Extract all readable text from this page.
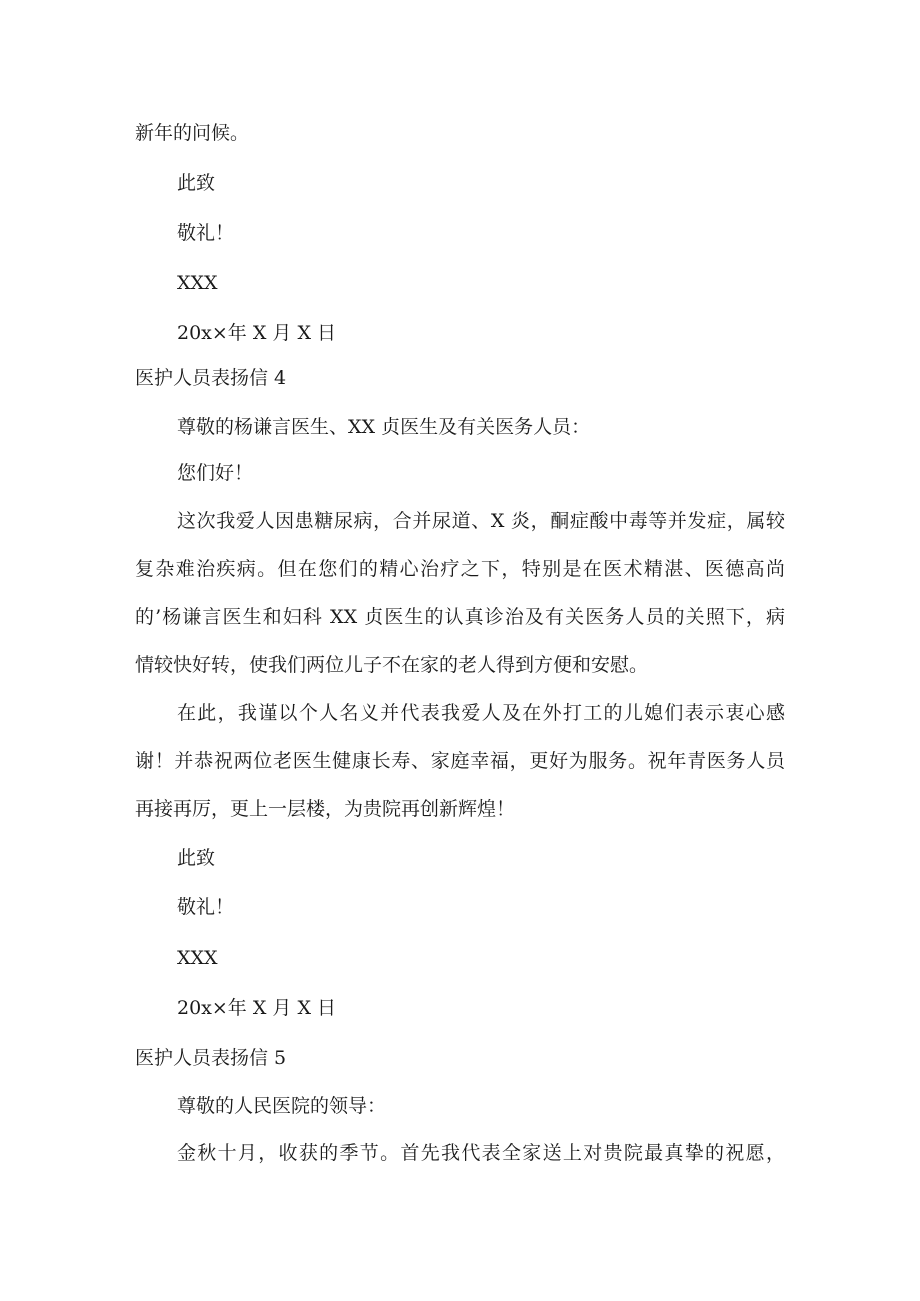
新年的问候。
此致
敬礼！
XXX
20x×年 X 月 X 日
医护人员表扬信 4
尊敬的杨谦言医生、XX 贞医生及有关医务人员：
您们好！
这次我爱人因患糖尿病，合并尿道、X 炎，酮症酸中毒等并发症，属较
复杂难治疾病。但在您们的精心治疗之下，特别是在医术精湛、医德高尚
的’杨谦言医生和妇科 XX 贞医生的认真诊治及有关医务人员的关照下，病
情较快好转，使我们两位儿子不在家的老人得到方便和安慰。
在此，我谨以个人名义并代表我爱人及在外打工的儿媳们表示衷心感
谢！并恭祝两位老医生健康长寿、家庭幸福，更好为服务。祝年青医务人员
再接再厉，更上一层楼，为贵院再创新辉煌！
此致
敬礼！
XXX
20x×年 X 月 X 日
医护人员表扬信 5
尊敬的人民医院的领导：
金秋十月，收获的季节。首先我代表全家送上对贵院最真挚的祝愿，
